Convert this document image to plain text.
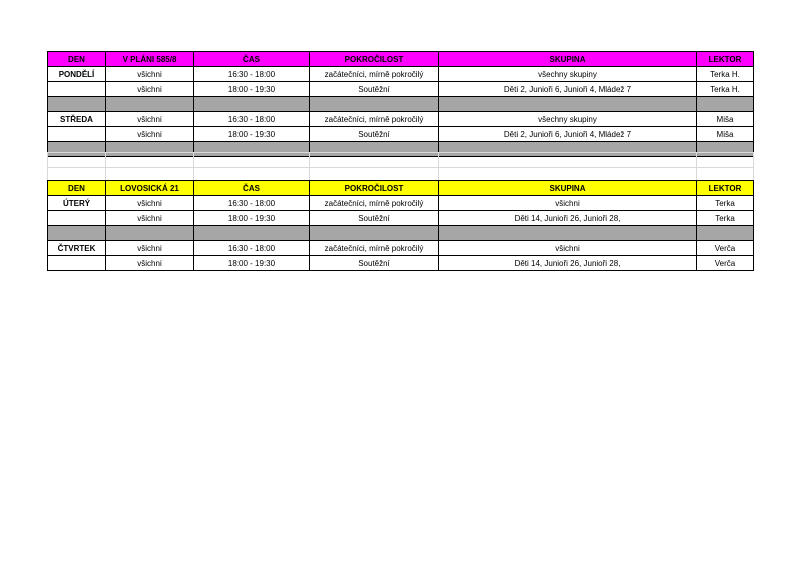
DEN	V PLÁNI 585/8	ČAS	POKROČILOST	SKUPINA	LEKTOR
PONDĚLÍ	všichni	16:30 - 18:00	začátečníci, mírně pokročilý	všechny skupiny	Terka H.
	všichni	18:00 - 19:30	Soutěžní	Děti 2, Junioři 6, Junioři 4, Mládež 7	Terka H.

STŘEDA	všichni	16:30 - 18:00	začátečníci, mírně pokročilý	všechny skupiny	Miša
	všichni	18:00 - 19:30	Soutěžní	Děti 2, Junioři 6, Junioři 4, Mládež 7	Miša

DEN	LOVOSICKÁ 21	ČAS	POKROČILOST	SKUPINA	LEKTOR
ÚTERÝ	všichni	16:30 - 18:00	začátečníci, mírně pokročilý	všichni	Terka
	všichni	18:00 - 19:30	Soutěžní	Děti 14, Junioři 26, Junioři 28,	Terka

ČTVRTEK	všichni	16:30 - 18:00	začátečníci, mírně pokročilý	všichni	Verča
	všichni	18:00 - 19:30	Soutěžní	Děti 14, Junioři 26, Junioři 28,	Verča
